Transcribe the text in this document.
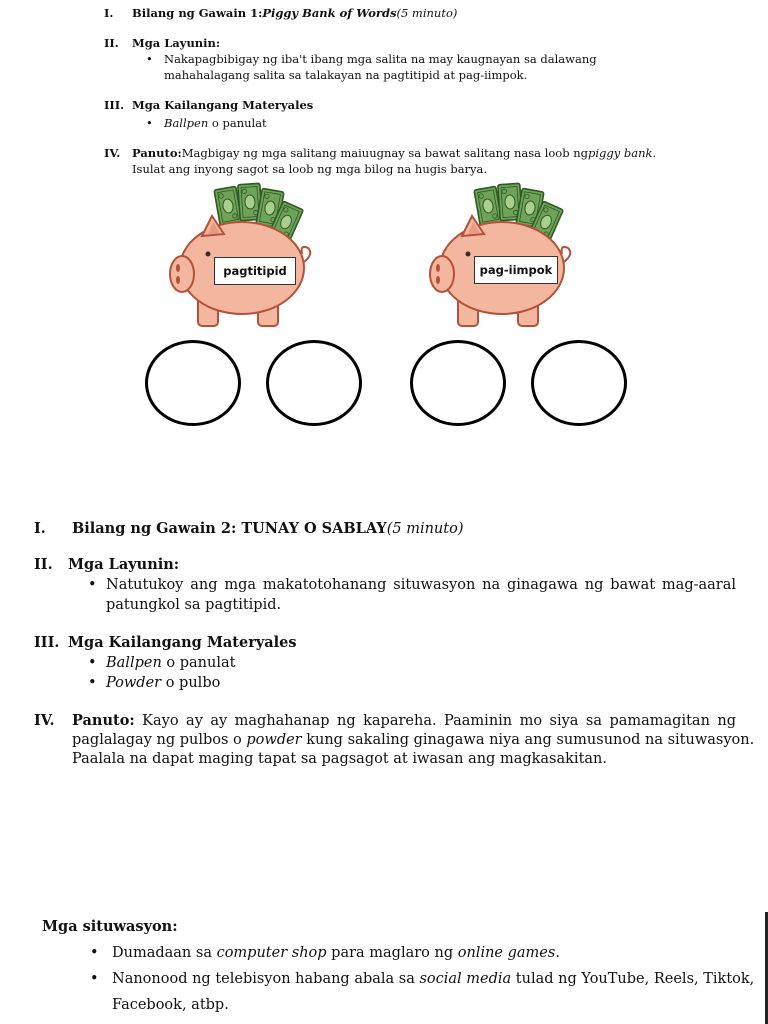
I.	Bilang ng Gawain 1: Piggy Bank of Words (5 minuto)
II.	Mga Layunin:
• Nakapagbibigay ng iba't ibang mga salita na may kaugnayan sa dalawang
mahahalagang salita sa talakayan na pagtitipid at pag-iimpok.
III. Mga Kailangang Materyales
• Ballpen o panulat
IV.	Panuto: Magbigay ng mga salitang maiuugnay sa bawat salitang nasa loob ng piggy bank .
Isulat ang inyong sagot sa loob ng mga bilog na hugis barya.
pagtitipid	pag-iimpok
I.	Bilang ng Gawain 2: TUNAY O SABLAY (5 minuto)
II.	Mga Layunin:
• Natutukoy ang mga makatotohanang situwasyon na ginagawa ng bawat mag-aaral
patungkol sa pagtitipid.
III. Mga Kailangang Materyales
• Ballpen o panulat
• Powder o pulbo
IV. Panuto: Kayo ay ay maghahanap ng kapareha. Paaminin mo siya sa pamamagitan ng
paglalagay ng pulbos o powder kung sakaling ginagawa niya ang sumusunod na situwasyon.
Paalala na dapat maging tapat sa pagsagot at iwasan ang magkasakitan.
Mga situwasyon:
• Dumadaan sa computer shop para maglaro ng online games.
• Nanonood ng telebisyon habang abala sa social media tulad ng YouTube, Reels, Tiktok,
Facebook, atbp.
